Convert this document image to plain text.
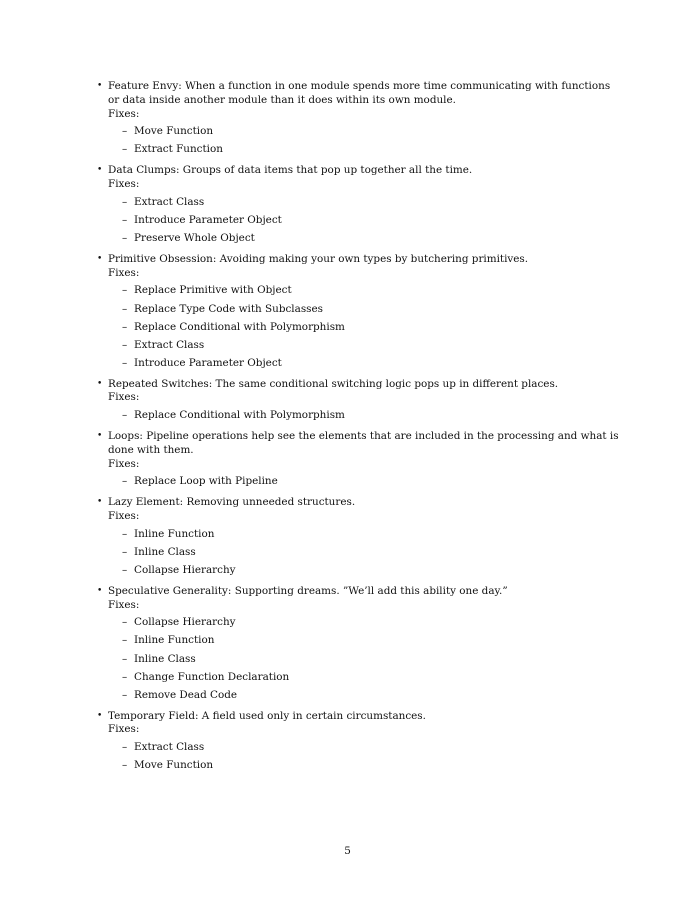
• Feature Envy: When a function in one module spends more time communicating with functions or data inside another module than it does within its own module.
Fixes:
– Move Function
– Extract Function
• Data Clumps: Groups of data items that pop up together all the time.
Fixes:
– Extract Class
– Introduce Parameter Object
– Preserve Whole Object
• Primitive Obsession: Avoiding making your own types by butchering primitives.
Fixes:
– Replace Primitive with Object
– Replace Type Code with Subclasses
– Replace Conditional with Polymorphism
– Extract Class
– Introduce Parameter Object
• Repeated Switches: The same conditional switching logic pops up in different places.
Fixes:
– Replace Conditional with Polymorphism
• Loops: Pipeline operations help see the elements that are included in the processing and what is done with them.
Fixes:
– Replace Loop with Pipeline
• Lazy Element: Removing unneeded structures.
Fixes:
– Inline Function
– Inline Class
– Collapse Hierarchy
• Speculative Generality: Supporting dreams. ”We’ll add this ability one day.”
Fixes:
– Collapse Hierarchy
– Inline Function
– Inline Class
– Change Function Declaration
– Remove Dead Code
• Temporary Field: A field used only in certain circumstances.
Fixes:
– Extract Class
– Move Function
5
